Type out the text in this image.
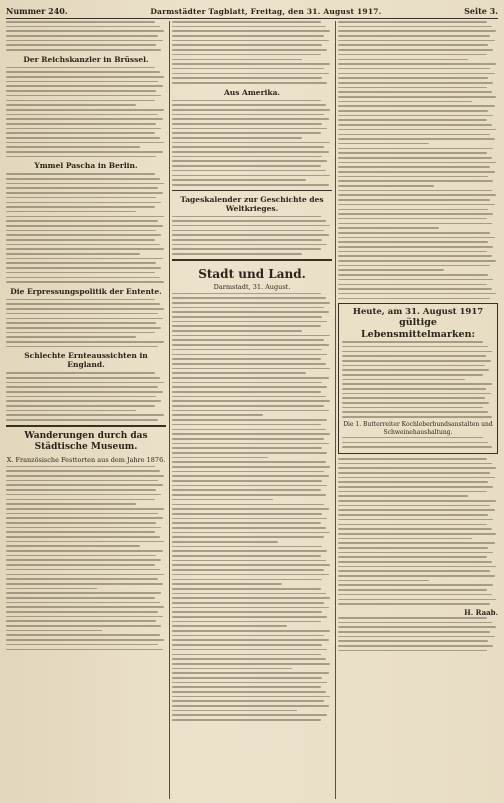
Nummer 240.	Darmstädter Tagblatt, Freitag, den 31. August 1917.	Seite 3.
Der Reichskanzler in Brüssel.
Ymmel Pascha in Berlin.
Die Erpressungspolitik der Entente.
Schlechte Ernteaussichten in England.
Wanderungen durch das Städtische Museum.
X. Französische Festtorten aus dem Jahre 1876.
Aus Amerika.
Tageskalender zur Geschichte des Weltkrieges.
Stadt und Land.
Darmstadt, 31. August.
Heute, am 31. August 1917
gültige Lebensmittelmarken:
Die 1. Butterreiter Kochleberbundsanstalten und Schweinehaushaltung.
H. Raab.
